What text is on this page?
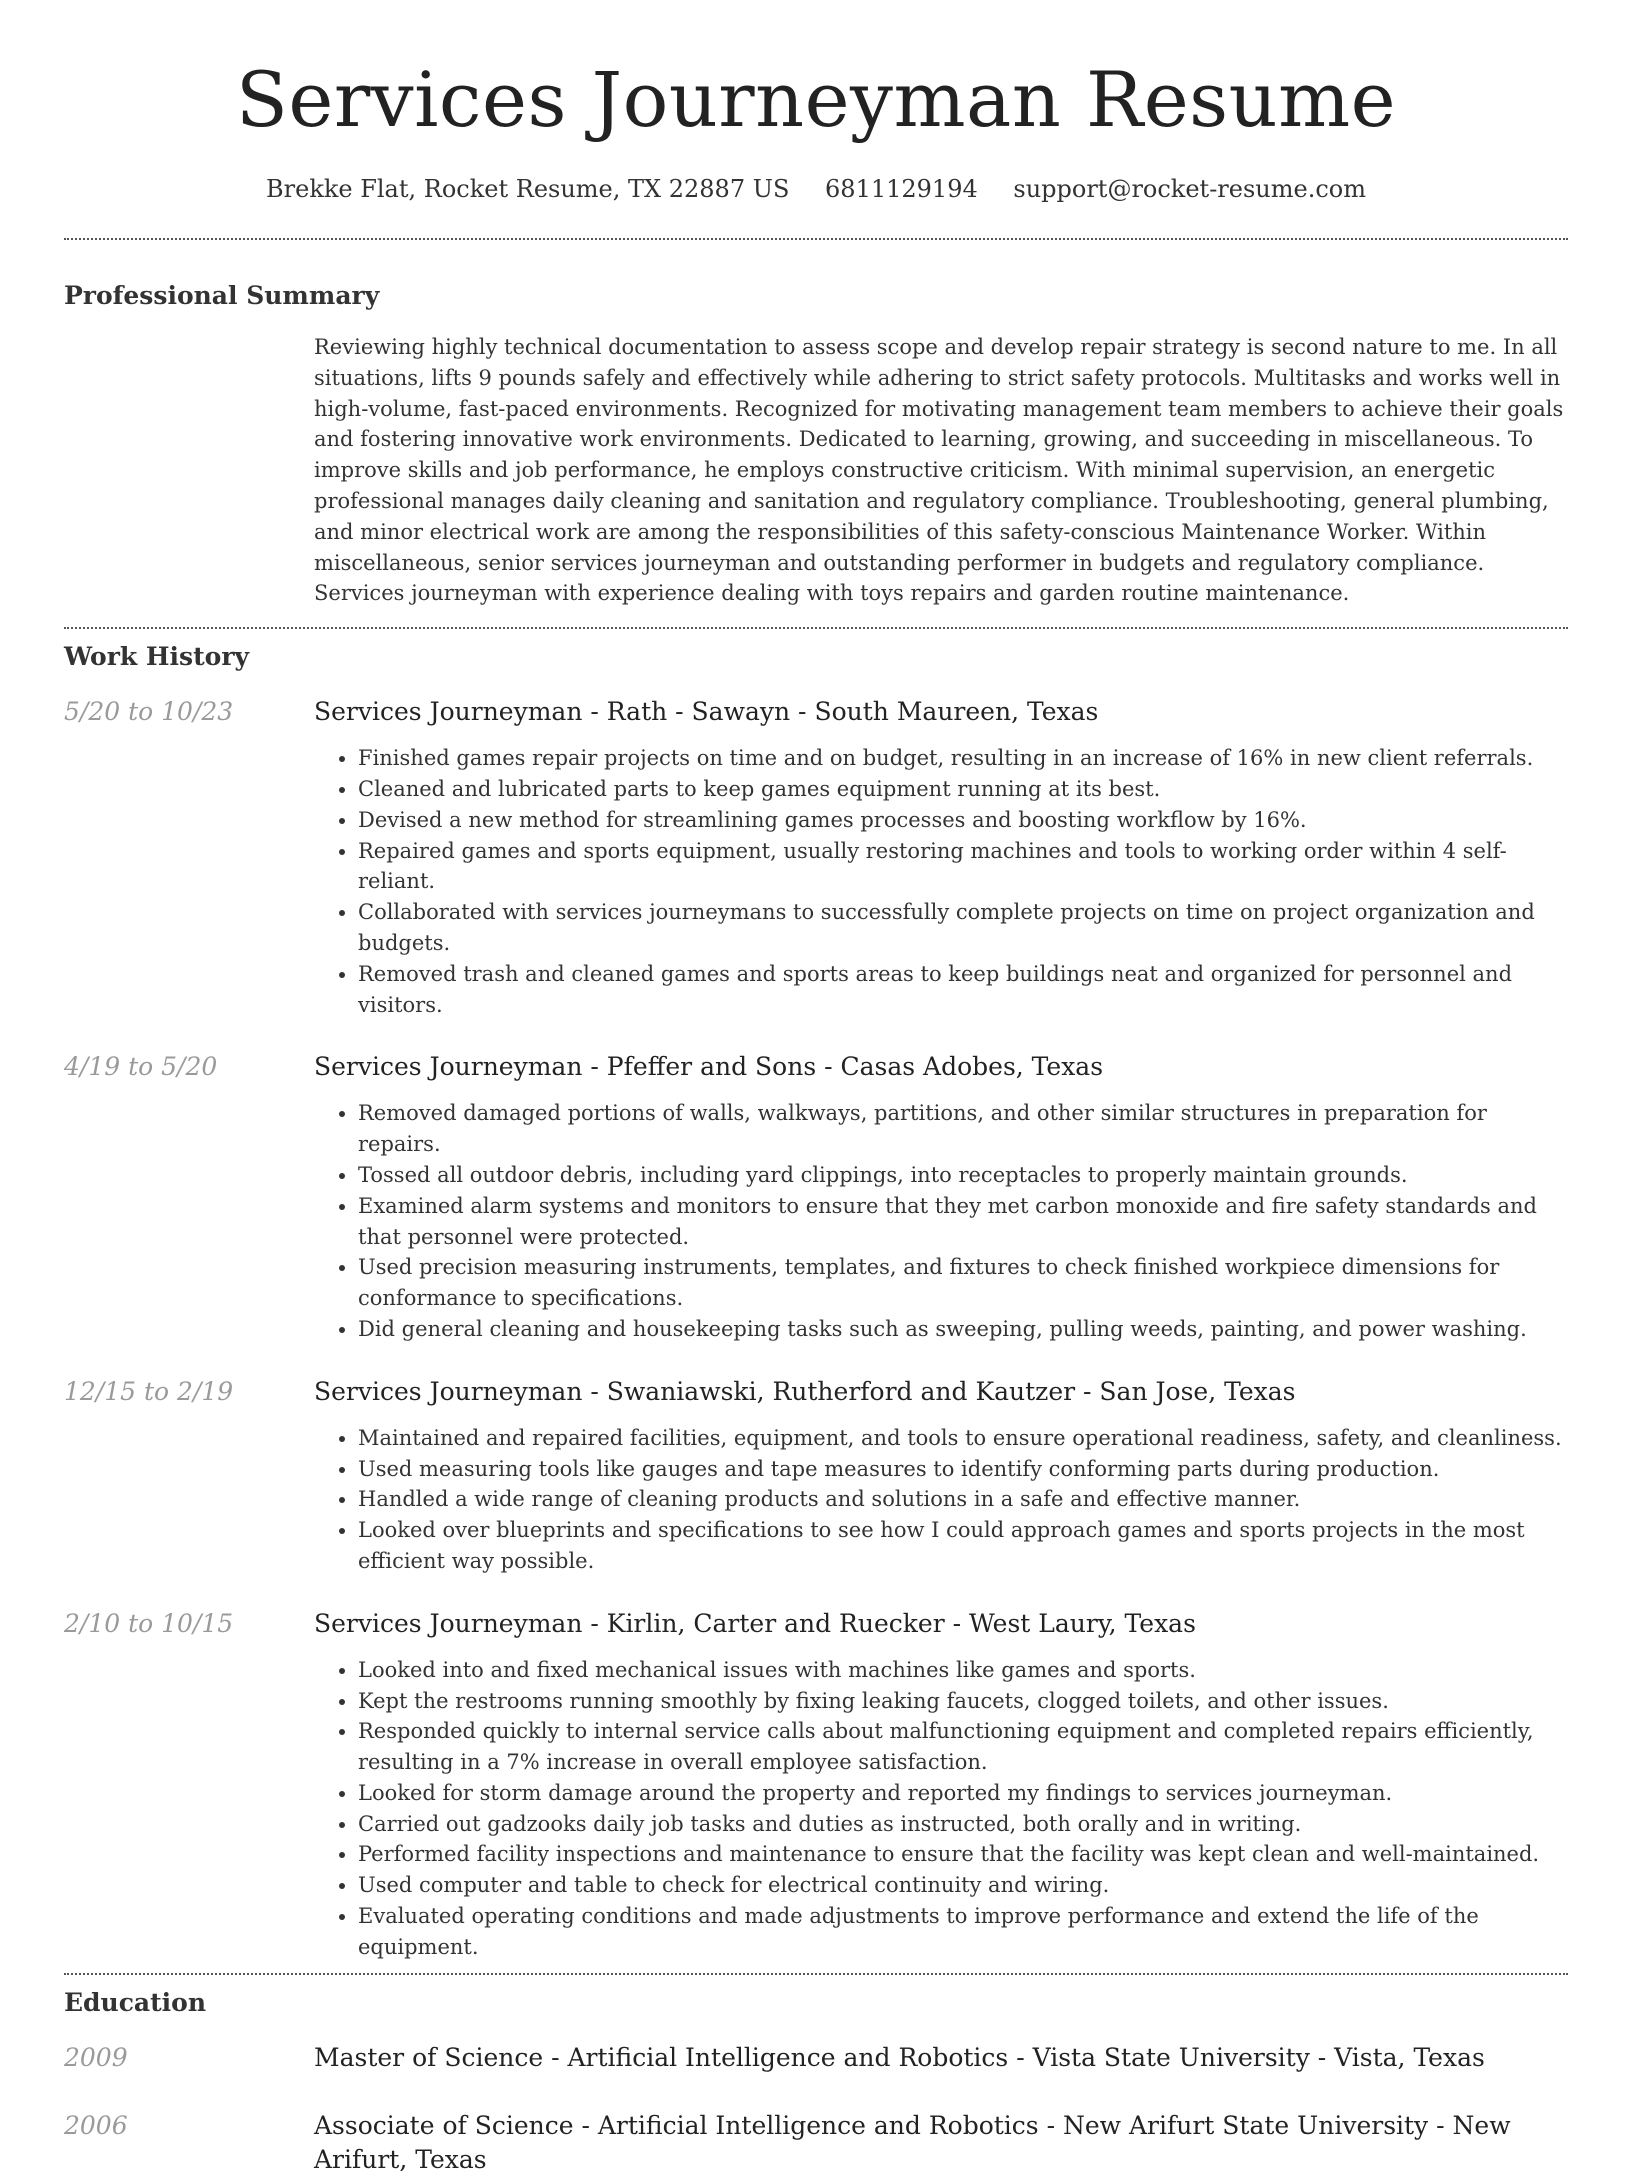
Services Journeyman Resume
Brekke Flat, Rocket Resume, TX 22887 US 6811129194 support@rocket-resume.com
Professional Summary

Reviewing highly technical documentation to assess scope and develop repair strategy is second nature to me. In all situations, lifts 9 pounds safely and effectively while adhering to strict safety protocols. Multitasks and works well in high-volume, fast-paced environments. Recognized for motivating management team members to achieve their goals and fostering innovative work environments. Dedicated to learning, growing, and succeeding in miscellaneous. To improve skills and job performance, he employs constructive criticism. With minimal supervision, an energetic professional manages daily cleaning and sanitation and regulatory compliance. Troubleshooting, general plumbing, and minor electrical work are among the responsibilities of this safety-conscious Maintenance Worker. Within miscellaneous, senior services journeyman and outstanding performer in budgets and regulatory compliance. Services journeyman with experience dealing with toys repairs and garden routine maintenance.

Work History
5/20 to 10/23	Services Journeyman - Rath - Sawayn - South Maureen, Texas
• Finished games repair projects on time and on budget, resulting in an increase of 16% in new client referrals.
• Cleaned and lubricated parts to keep games equipment running at its best.
• Devised a new method for streamlining games processes and boosting workflow by 16%.
• Repaired games and sports equipment, usually restoring machines and tools to working order within 4 self-reliant.
• Collaborated with services journeymans to successfully complete projects on time on project organization and budgets.
• Removed trash and cleaned games and sports areas to keep buildings neat and organized for personnel and visitors.
4/19 to 5/20	Services Journeyman - Pfeffer and Sons - Casas Adobes, Texas
• Removed damaged portions of walls, walkways, partitions, and other similar structures in preparation for repairs.
• Tossed all outdoor debris, including yard clippings, into receptacles to properly maintain grounds.
• Examined alarm systems and monitors to ensure that they met carbon monoxide and fire safety standards and that personnel were protected.
• Used precision measuring instruments, templates, and fixtures to check finished workpiece dimensions for conformance to specifications.
• Did general cleaning and housekeeping tasks such as sweeping, pulling weeds, painting, and power washing.
12/15 to 2/19	Services Journeyman - Swaniawski, Rutherford and Kautzer - San Jose, Texas
• Maintained and repaired facilities, equipment, and tools to ensure operational readiness, safety, and cleanliness.
• Used measuring tools like gauges and tape measures to identify conforming parts during production.
• Handled a wide range of cleaning products and solutions in a safe and effective manner.
• Looked over blueprints and specifications to see how I could approach games and sports projects in the most efficient way possible.
2/10 to 10/15	Services Journeyman - Kirlin, Carter and Ruecker - West Laury, Texas
• Looked into and fixed mechanical issues with machines like games and sports.
• Kept the restrooms running smoothly by fixing leaking faucets, clogged toilets, and other issues.
• Responded quickly to internal service calls about malfunctioning equipment and completed repairs efficiently, resulting in a 7% increase in overall employee satisfaction.
• Looked for storm damage around the property and reported my findings to services journeyman.
• Carried out gadzooks daily job tasks and duties as instructed, both orally and in writing.
• Performed facility inspections and maintenance to ensure that the facility was kept clean and well-maintained.
• Used computer and table to check for electrical continuity and wiring.
• Evaluated operating conditions and made adjustments to improve performance and extend the life of the equipment.
Education
2009	Master of Science - Artificial Intelligence and Robotics - Vista State University - Vista, Texas
2006	Associate of Science - Artificial Intelligence and Robotics - New Arifurt State University - New Arifurt, Texas
